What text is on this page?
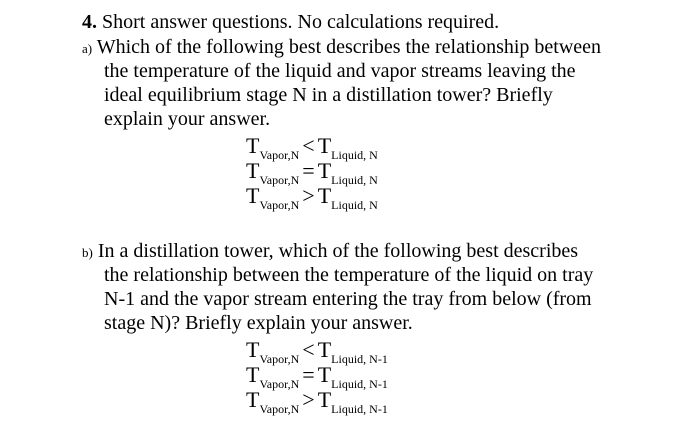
4. Short answer questions. No calculations required.
a) Which of the following best describes the relationship between
the temperature of the liquid and vapor streams leaving the
ideal equilibrium stage N in a distillation tower? Briefly
explain your answer.
$T_{Vapor,N} < T_{Liquid, N}$
$T_{Vapor,N} = T_{Liquid, N}$
$T_{Vapor,N} > T_{Liquid, N}$
b) In a distillation tower, which of the following best describes
the relationship between the temperature of the liquid on tray
N-1 and the vapor stream entering the tray from below (from
stage N)? Briefly explain your answer.
$T_{Vapor,N} < T_{Liquid, N-1}$
$T_{Vapor,N} = T_{Liquid, N-1}$
$T_{Vapor,N} > T_{Liquid, N-1}$
